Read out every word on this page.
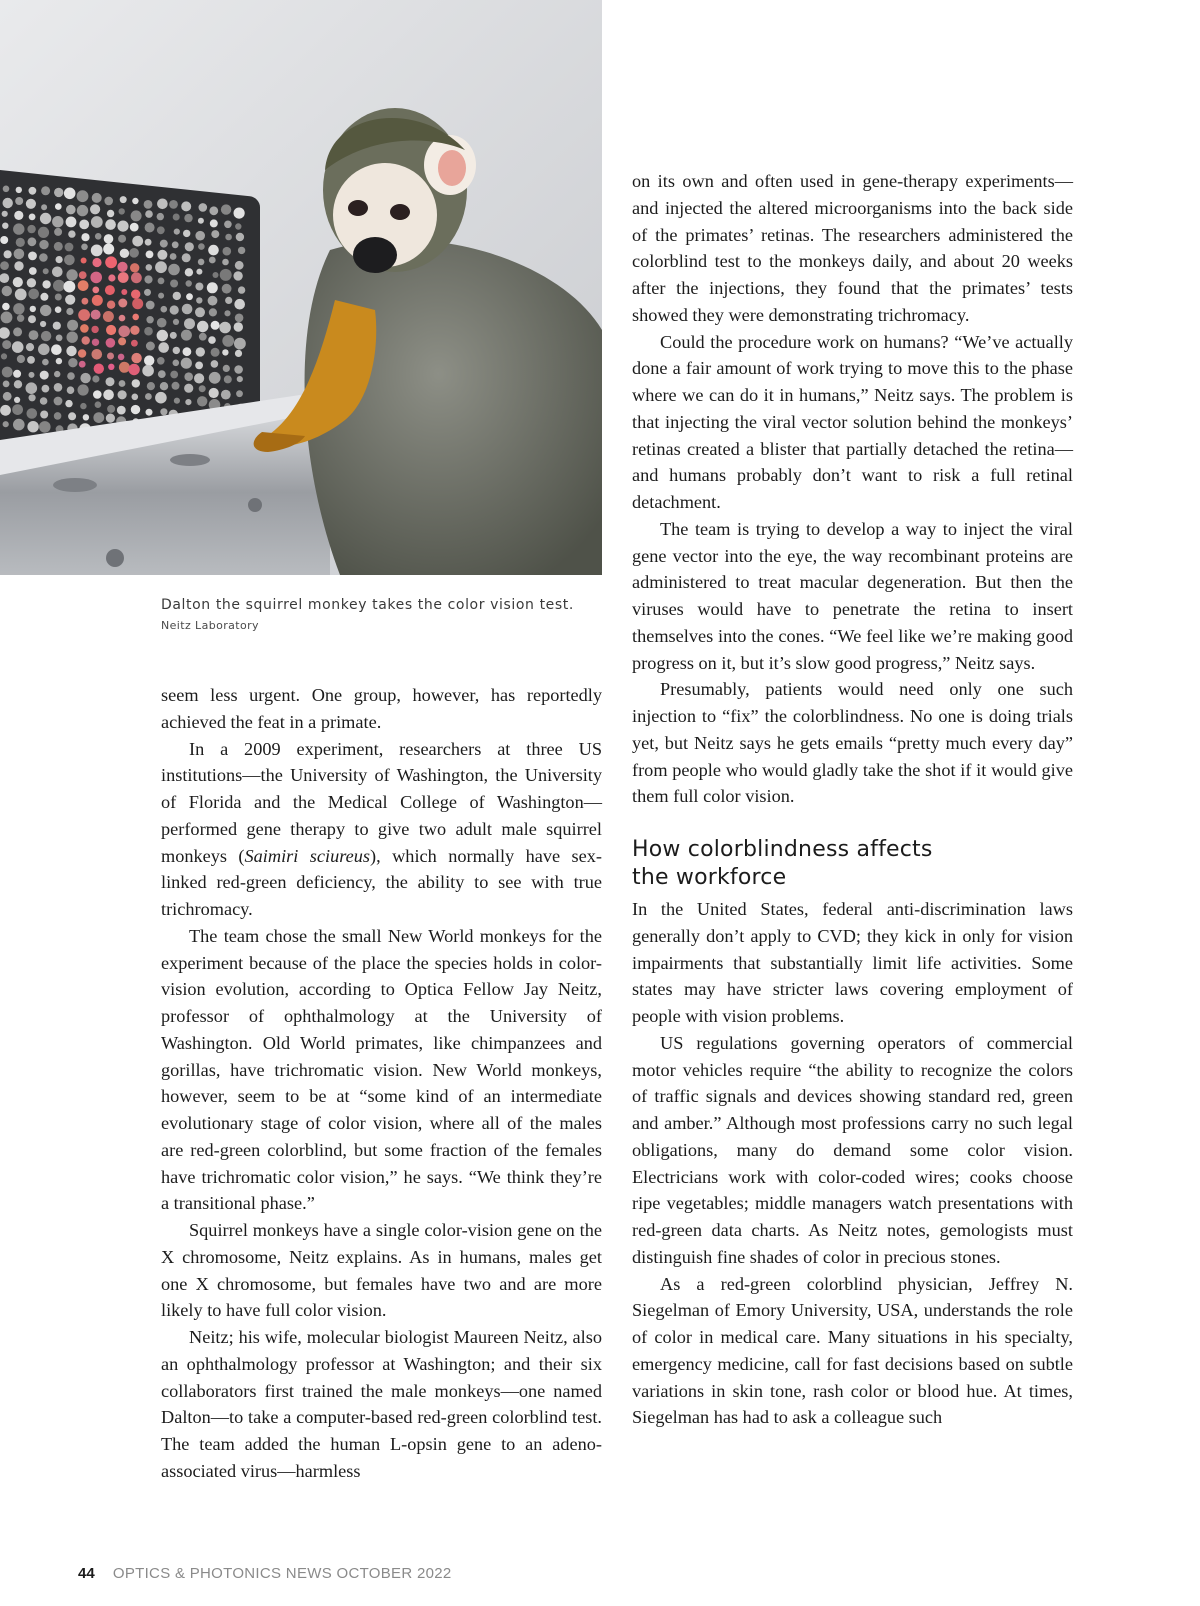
Dalton the squirrel monkey takes the color vision test.
Neitz Laboratory

seem less urgent. One group, however, has reportedly achieved the feat in a primate.

In a 2009 experiment, researchers at three US institutions—the University of Washington, the University of Florida and the Medical College of Washington—performed gene therapy to give two adult male squirrel monkeys (Saimiri sciureus), which normally have sex-linked red-green deficiency, the ability to see with true trichromacy.

The team chose the small New World monkeys for the experiment because of the place the species holds in color-vision evolution, according to Optica Fellow Jay Neitz, professor of ophthalmology at the University of Washington. Old World primates, like chimpanzees and gorillas, have trichromatic vision. New World monkeys, however, seem to be at “some kind of an intermediate evolutionary stage of color vision, where all of the males are red-green colorblind, but some fraction of the females have trichromatic color vision,” he says. “We think they’re a transitional phase.”

Squirrel monkeys have a single color-vision gene on the X chromosome, Neitz explains. As in humans, males get one X chromosome, but females have two and are more likely to have full color vision.

Neitz; his wife, molecular biologist Maureen Neitz, also an ophthalmology professor at Washington; and their six collaborators first trained the male monkeys—one named Dalton—to take a computer-based red-green colorblind test. The team added the human L-opsin gene to an adeno-associated virus—harmless

on its own and often used in gene-therapy experiments—and injected the altered microorganisms into the back side of the primates’ retinas. The researchers administered the colorblind test to the monkeys daily, and about 20 weeks after the injections, they found that the primates’ tests showed they were demonstrating trichromacy.

Could the procedure work on humans? “We’ve actually done a fair amount of work trying to move this to the phase where we can do it in humans,” Neitz says. The problem is that injecting the viral vector solution behind the monkeys’ retinas created a blister that partially detached the retina—and humans probably don’t want to risk a full retinal detachment.

The team is trying to develop a way to inject the viral gene vector into the eye, the way recombinant proteins are administered to treat macular degeneration. But then the viruses would have to penetrate the retina to insert themselves into the cones. “We feel like we’re making good progress on it, but it’s slow good progress,” Neitz says.

Presumably, patients would need only one such injection to “fix” the colorblindness. No one is doing trials yet, but Neitz says he gets emails “pretty much every day” from people who would gladly take the shot if it would give them full color vision.

How colorblindness affects
the workforce

In the United States, federal anti-discrimination laws generally don’t apply to CVD; they kick in only for vision impairments that substantially limit life activities. Some states may have stricter laws covering employment of people with vision problems.

US regulations governing operators of commercial motor vehicles require “the ability to recognize the colors of traffic signals and devices showing standard red, green and amber.” Although most professions carry no such legal obligations, many do demand some color vision. Electricians work with color-coded wires; cooks choose ripe vegetables; middle managers watch presentations with red-green data charts. As Neitz notes, gemologists must distinguish fine shades of color in precious stones.

As a red-green colorblind physician, Jeffrey N. Siegelman of Emory University, USA, understands the role of color in medical care. Many situations in his specialty, emergency medicine, call for fast decisions based on subtle variations in skin tone, rash color or blood hue. At times, Siegelman has had to ask a colleague such

44 OPTICS & PHOTONICS NEWS OCTOBER 2022
